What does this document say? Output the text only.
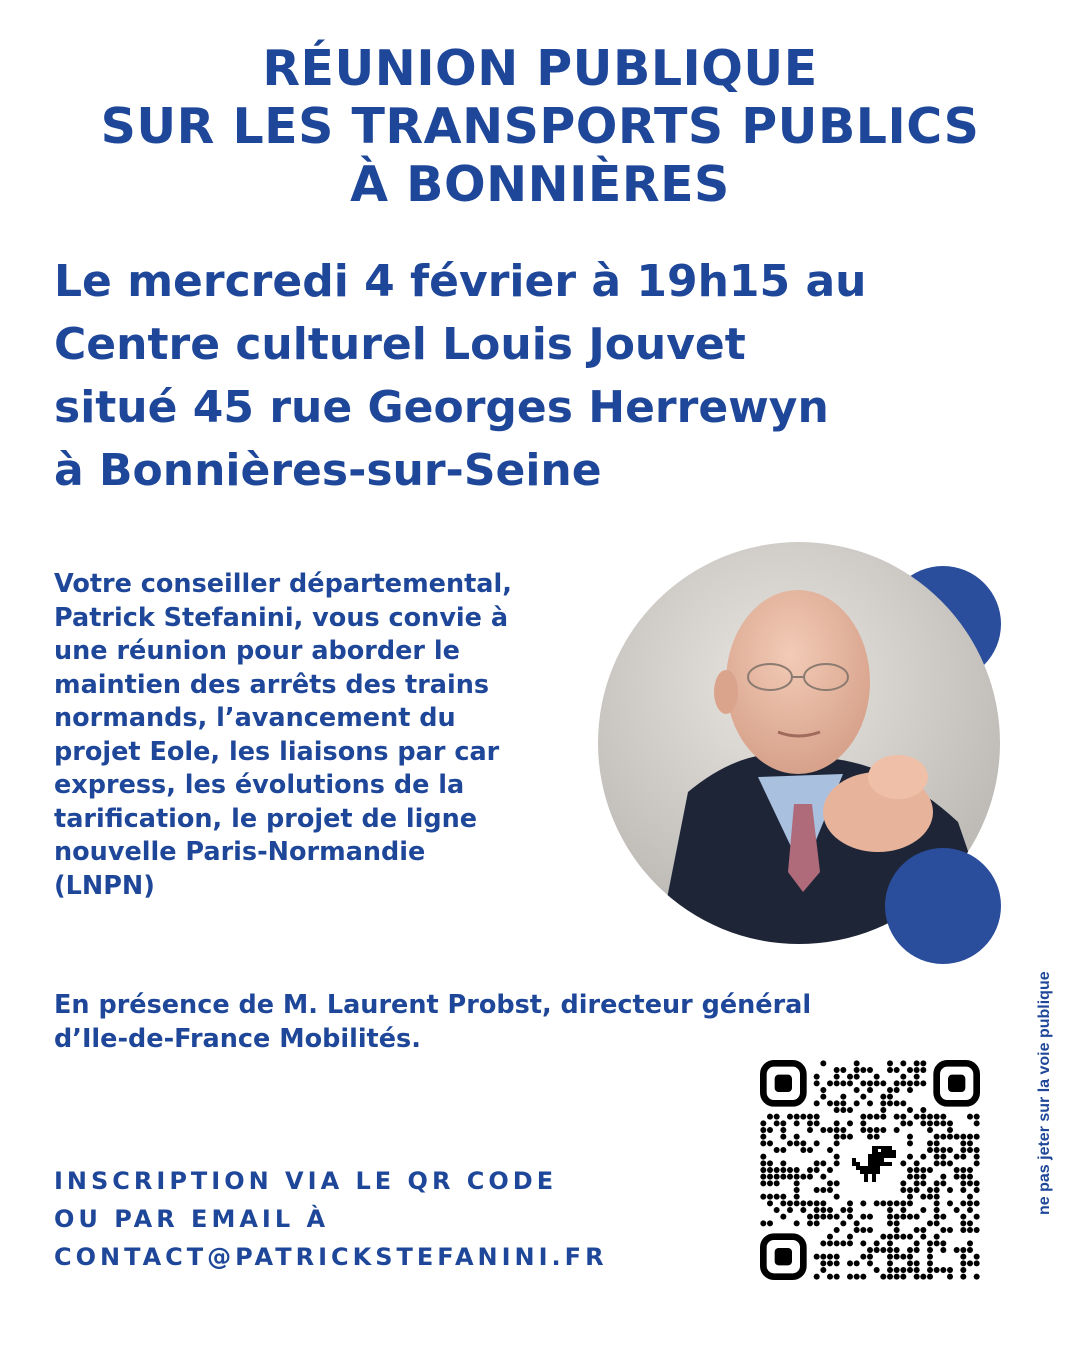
RÉUNION PUBLIQUE
SUR LES TRANSPORTS PUBLICS
À BONNIÈRES
Le mercredi 4 février à 19h15 au
Centre culturel Louis Jouvet
situé 45 rue Georges Herrewyn
à Bonnières-sur-Seine
Votre conseiller départemental,
Patrick Stefanini, vous convie à
une réunion pour aborder le
maintien des arrêts des trains
normands, l’avancement du
projet Eole, les liaisons par car
express, les évolutions de la
tarification, le projet de ligne
nouvelle Paris-Normandie
(LNPN)
En présence de M. Laurent Probst, directeur général
d’Ile-de-France Mobilités.
INSCRIPTION VIA LE QR CODE
OU PAR EMAIL À
CONTACT@PATRICKSTEFANINI.FR
ne pas jeter sur la voie publique
